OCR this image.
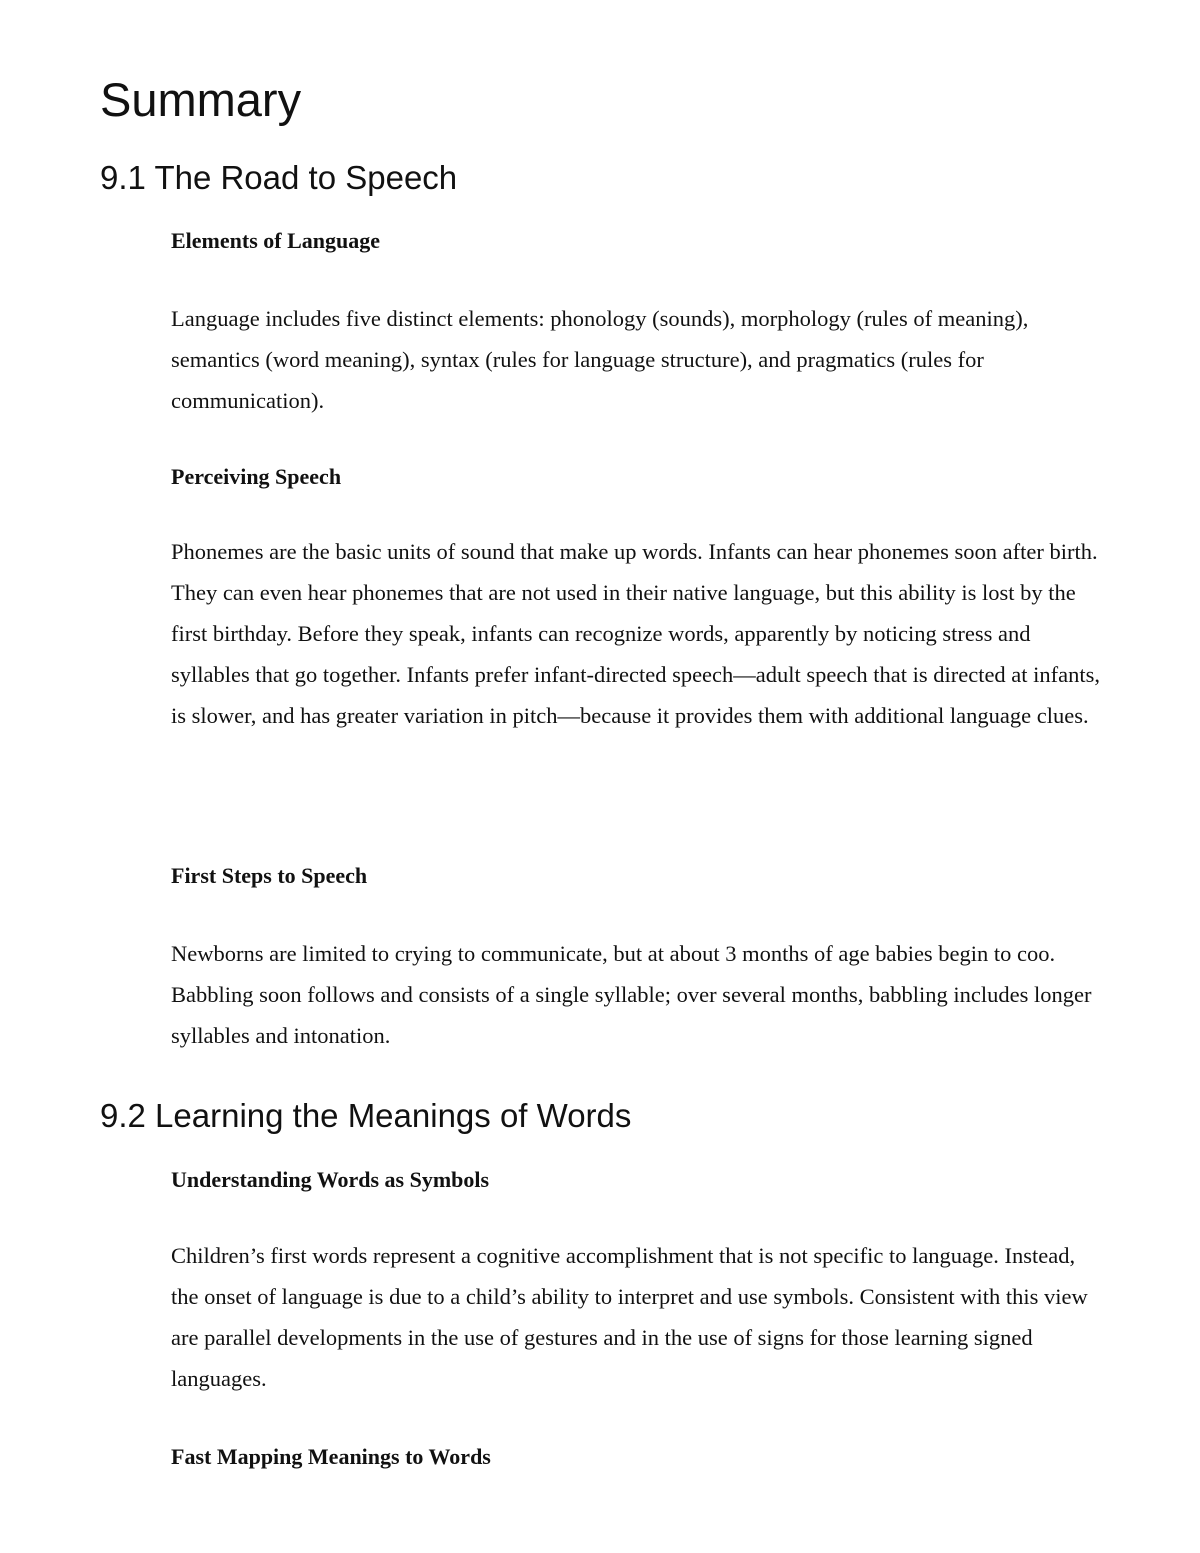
Summary
9.1 The Road to Speech
Elements of Language

Language includes five distinct elements: phonology (sounds), morphology (rules of meaning), semantics (word meaning), syntax (rules for language structure), and pragmatics (rules for communication).

Perceiving Speech

Phonemes are the basic units of sound that make up words. Infants can hear phonemes soon after birth. They can even hear phonemes that are not used in their native language, but this ability is lost by the first birthday. Before they speak, infants can recognize words, apparently by noticing stress and syllables that go together. Infants prefer infant-directed speech—adult speech that is directed at infants, is slower, and has greater variation in pitch—because it provides them with additional language clues.

First Steps to Speech

Newborns are limited to crying to communicate, but at about 3 months of age babies begin to coo. Babbling soon follows and consists of a single syllable; over several months, babbling includes longer syllables and intonation.

9.2 Learning the Meanings of Words
Understanding Words as Symbols

Children’s first words represent a cognitive accomplishment that is not specific to language. Instead, the onset of language is due to a child’s ability to interpret and use symbols. Consistent with this view are parallel developments in the use of gestures and in the use of signs for those learning signed languages.

Fast Mapping Meanings to Words
